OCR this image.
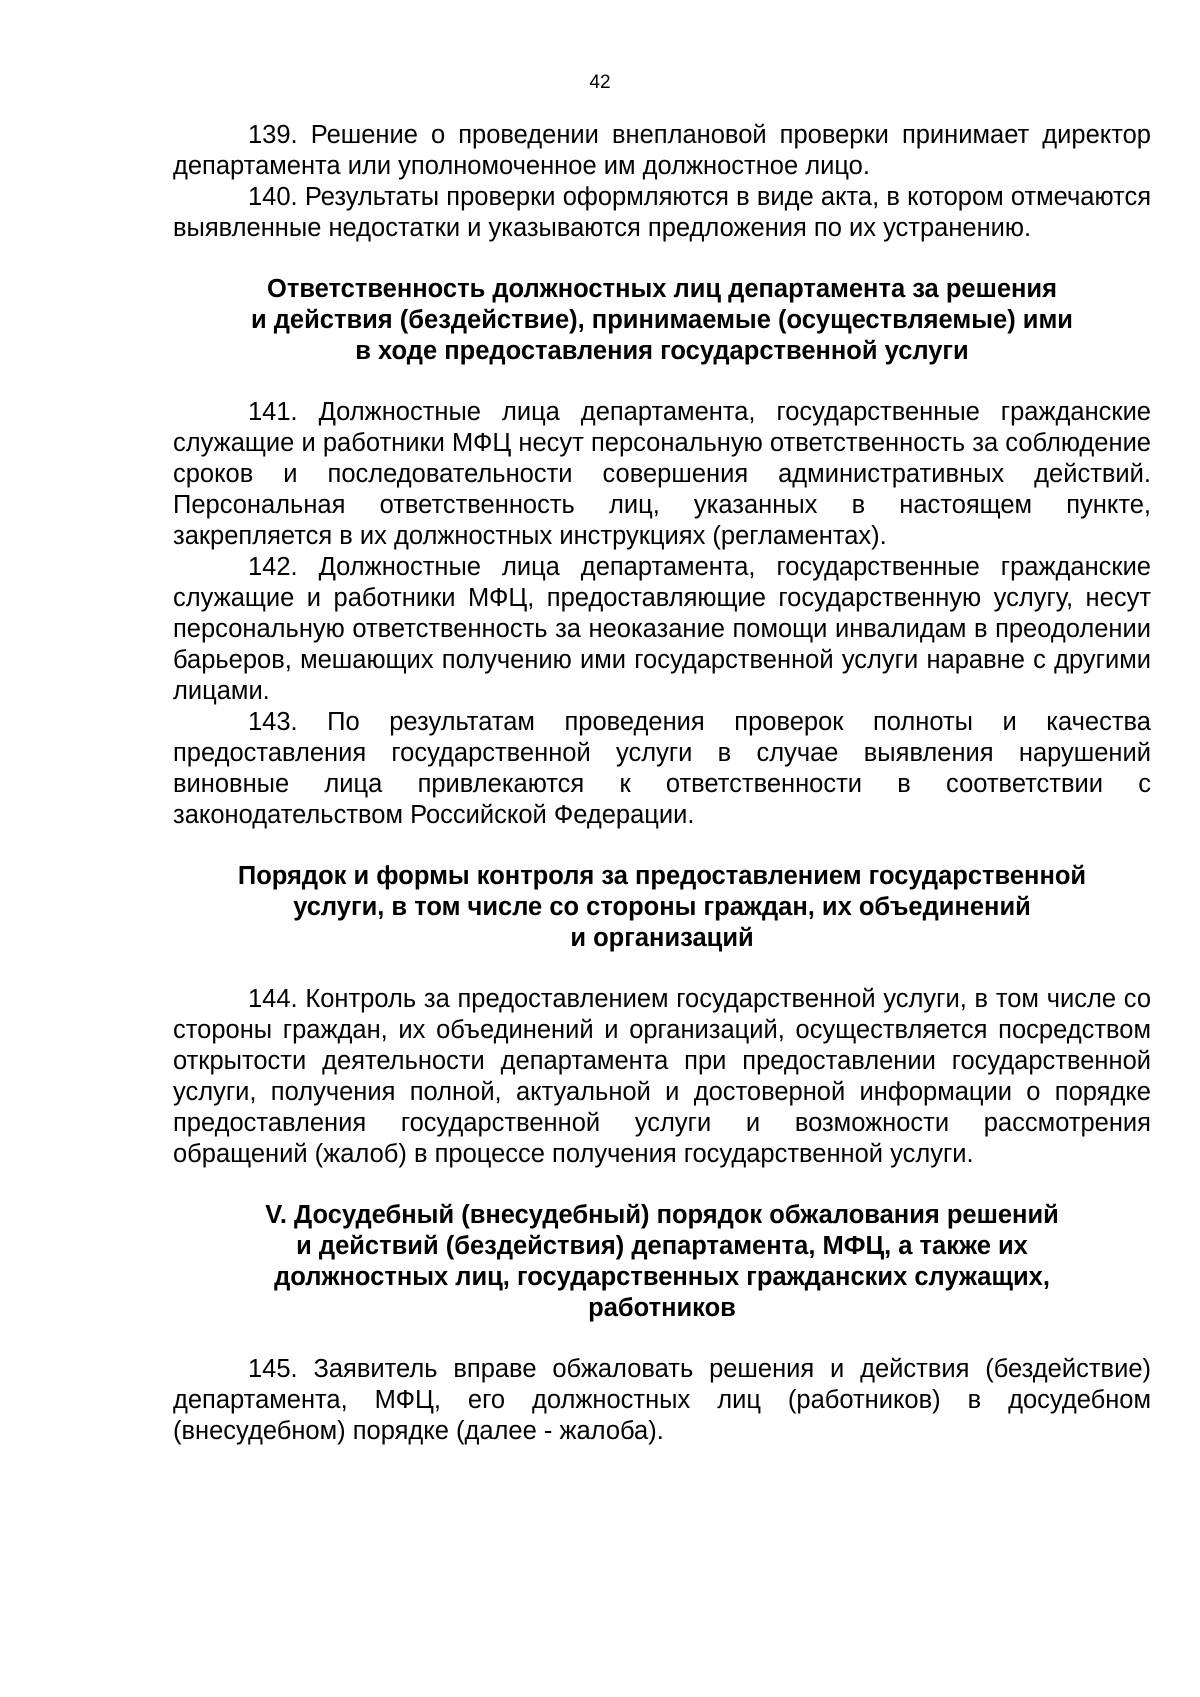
42

139. Решение о проведении внеплановой проверки принимает директор департамента или уполномоченное им должностное лицо.

140. Результаты проверки оформляются в виде акта, в котором отмечаются выявленные недостатки и указываются предложения по их устранению.

Ответственность должностных лиц департамента за решения
и действия (бездействие), принимаемые (осуществляемые) ими
в ходе предоставления государственной услуги

141. Должностные лица департамента, государственные гражданские служащие и работники МФЦ несут персональную ответственность за соблюдение сроков и последовательности совершения административных действий. Персональная ответственность лиц, указанных в настоящем пункте, закрепляется в их должностных инструкциях (регламентах).

142. Должностные лица департамента, государственные гражданские служащие и работники МФЦ, предоставляющие государственную услугу, несут персональную ответственность за неоказание помощи инвалидам в преодолении барьеров, мешающих получению ими государственной услуги наравне с другими лицами.

143. По результатам проведения проверок полноты и качества предоставления государственной услуги в случае выявления нарушений виновные лица привлекаются к ответственности в соответствии с законодательством Российской Федерации.

Порядок и формы контроля за предоставлением государственной
услуги, в том числе со стороны граждан, их объединений
и организаций

144. Контроль за предоставлением государственной услуги, в том числе со стороны граждан, их объединений и организаций, осуществляется посредством открытости деятельности департамента при предоставлении государственной услуги, получения полной, актуальной и достоверной информации о порядке предоставления государственной услуги и возможности рассмотрения обращений (жалоб) в процессе получения государственной услуги.

V. Досудебный (внесудебный) порядок обжалования решений
и действий (бездействия) департамента, МФЦ, а также их
должностных лиц, государственных гражданских служащих,
работников

145. Заявитель вправе обжаловать решения и действия (бездействие) департамента, МФЦ, его должностных лиц (работников) в досудебном (внесудебном) порядке (далее - жалоба).
